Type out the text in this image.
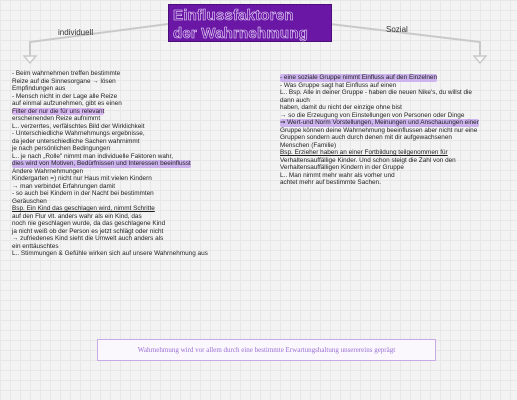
Einflussfaktoren
der Wahrnehmung
individuell	Sozial
- Beim wahrnehmen treffen bestimmte
Reize auf die Sinnesorgane → lösen
Empfindungen aus
- Mensch nicht in der Lage alle Reize
auf einmal aufzunehmen, gibt es einen
Filter der nur die für uns relevant
erscheinenden Reize aufnimmt
L.. verzerrtes, verfälschtes Bild der Wirklichkeit
- Unterschiedliche Wahrnehmungs ergebnisse,
da jeder unterschiedliche Sachen wahrnimmt
je nach persönlichen Bedingungen
L.. je nach „Rolle" nimmt man individuelle Faktoren wahr,
dies wird von Motiven, Bedürfnissen und Interessen beeinflusst
Andere Wahrnehmungen
Kindergarten =) nicht nur Haus mit vielen Kindern
→ man verbindet Erfahrungen damit
- so auch bei Kindern in der Nacht bei bestimmten
Geräuschen
Bsp. Ein Kind das geschlagen wird, nimmt Schritte
auf den Flur vlt. anders wahr als ein Kind, das
noch nie geschlagen wurde, da das geschlagene Kind
ja nicht weiß ob der Person es jetzt schlägt oder nicht
→ zufriedenes Kind sieht die Umwelt auch anders als
ein enttäuschtes
L.. Stimmungen & Gefühle wirken sich auf unsere Wahrnehmung aus
- eine soziale Gruppe nimmt Einfluss auf den Einzelnen
- Was Gruppe sagt hat Einfluss auf einen
L.. Bsp. Alle in deiner Gruppe - haben die neuen Nike's, du willst die
dann auch
haben, damit du nicht der einzige ohne bist
→ so die Erzeugung von Einstellungen von Personen oder Dinge
⇒ Wert-und Norm Vorstellungen, Meinungen und Anschauungen einer
Gruppe können deine Wahrnehmung beeinflussen aber nicht nur eine
Gruppen sondern auch durch denen mit dir aufgewachsenen
Menschen (Familie)
Bsp. Erzieher haben an einer Fortbildung teilgenommen für
Verhaltensauffällige Kinder. Und schon steigt die Zahl von den
Verhaltensauffälligen Kindern in der Gruppe
L.. Man nimmt mehr wahr als vorher und
achtet mehr auf bestimmte Sachen.
Wahrnehmung wird vor allem durch eine bestimmte Erwartungshaltung unserereins geprägt
